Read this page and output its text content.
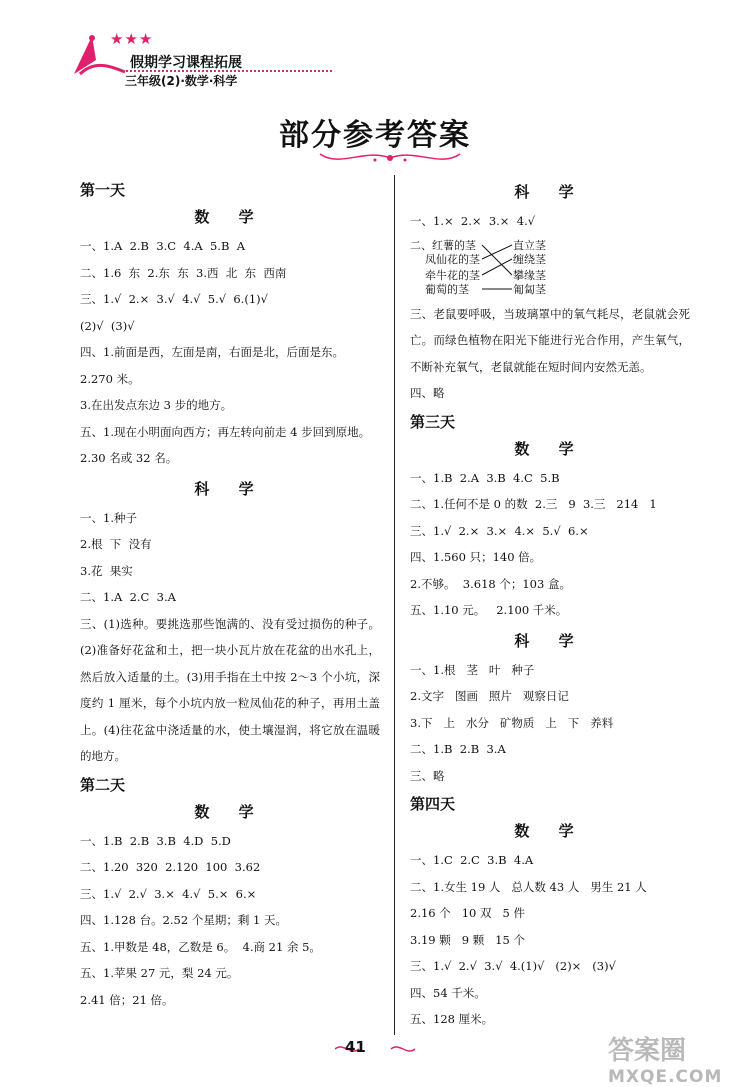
★★★
假期学习课程拓展
三年级(2)·数学·科学
部分参考答案
第一天
数 学
一、1.A  2.B  3.C  4.A  5.B  A
二、1.6  东  2.东  东  3.西  北  东  西南
三、1.√  2.×  3.√  4.√  5.√  6.(1)√
(2)√  (3)√
四、1.前面是西，左面是南，右面是北，后面是东。
2.270 米。
3.在出发点东边 3 步的地方。
五、1.现在小明面向西方；再左转向前走 4 步回到原地。
2.30 名或 32 名。
科 学
一、1.种子
2.根  下  没有
3.花  果实
二、1.A  2.C  3.A
三、(1)选种。要挑选那些饱满的、没有受过损伤的种子。(2)准备好花盆和土，把一块小瓦片放在花盆的出水孔上，然后放入适量的土。(3)用手指在土中按 2～3 个小坑，深度约 1 厘米，每个小坑内放一粒凤仙花的种子，再用土盖上。(4)往花盆中浇适量的水，使土壤湿润，将它放在温暖的地方。
第二天
数 学
一、1.B  2.B  3.B  4.D  5.D
二、1.20  320  2.120  100  3.62
三、1.√  2.√  3.×  4.√  5.×  6.×
四、1.128 台。2.52 个星期；剩 1 天。
五、1.甲数是 48，乙数是 6。  4.商 21 余 5。
五、1.苹果 27 元，梨 24 元。
2.41 倍；21 倍。
科 学
一、1.×  2.×  3.×  4.√
二、红薯的茎
凤仙花的茎
牵牛花的茎
葡萄的茎
直立茎
缠绕茎
攀缘茎
匍匐茎
三、老鼠要呼吸，当玻璃罩中的氧气耗尽，老鼠就会死亡。而绿色植物在阳光下能进行光合作用，产生氧气，不断补充氧气，老鼠就能在短时间内安然无恙。
四、略
第三天
数 学
一、1.B  2.A  3.B  4.C  5.B
二、1.任何不是 0 的数  2.三   9  3.三   214   1
三、1.√  2.×  3.×  4.×  5.√  6.×
四、1.560 只；140 倍。
2.不够。  3.618 个；103 盒。
五、1.10 元。   2.100 千米。
科 学
一、1.根   茎   叶   种子
2.文字   图画   照片   观察日记
3.下   上   水分   矿物质   上   下   养料
二、1.B  2.B  3.A
三、略
第四天
数 学
一、1.C  2.C  3.B  4.A
二、1.女生 19 人   总人数 43 人   男生 21 人
2.16 个   10 双   5 件
3.19 颗   9 颗   15 个
三、1.√  2.√  3.√  4.(1)√   (2)×   (3)√
四、54 千米。
五、128 厘米。
41	答案圈
MXQE.COM
